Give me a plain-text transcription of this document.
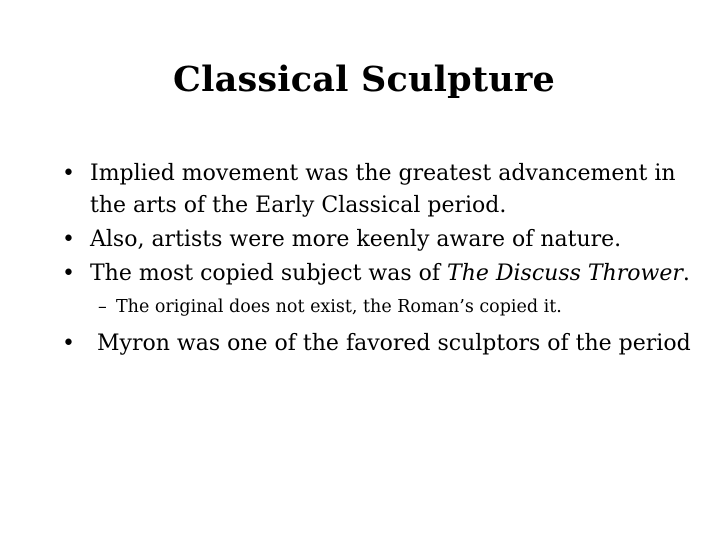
Classical Sculpture
• Implied movement was the greatest advancement in the arts of the Early Classical period.
• Also, artists were more keenly aware of nature.
• The most copied subject was of The Discuss Thrower.
– The original does not exist, the Roman’s copied it.
• Myron was one of the favored sculptors of the period
